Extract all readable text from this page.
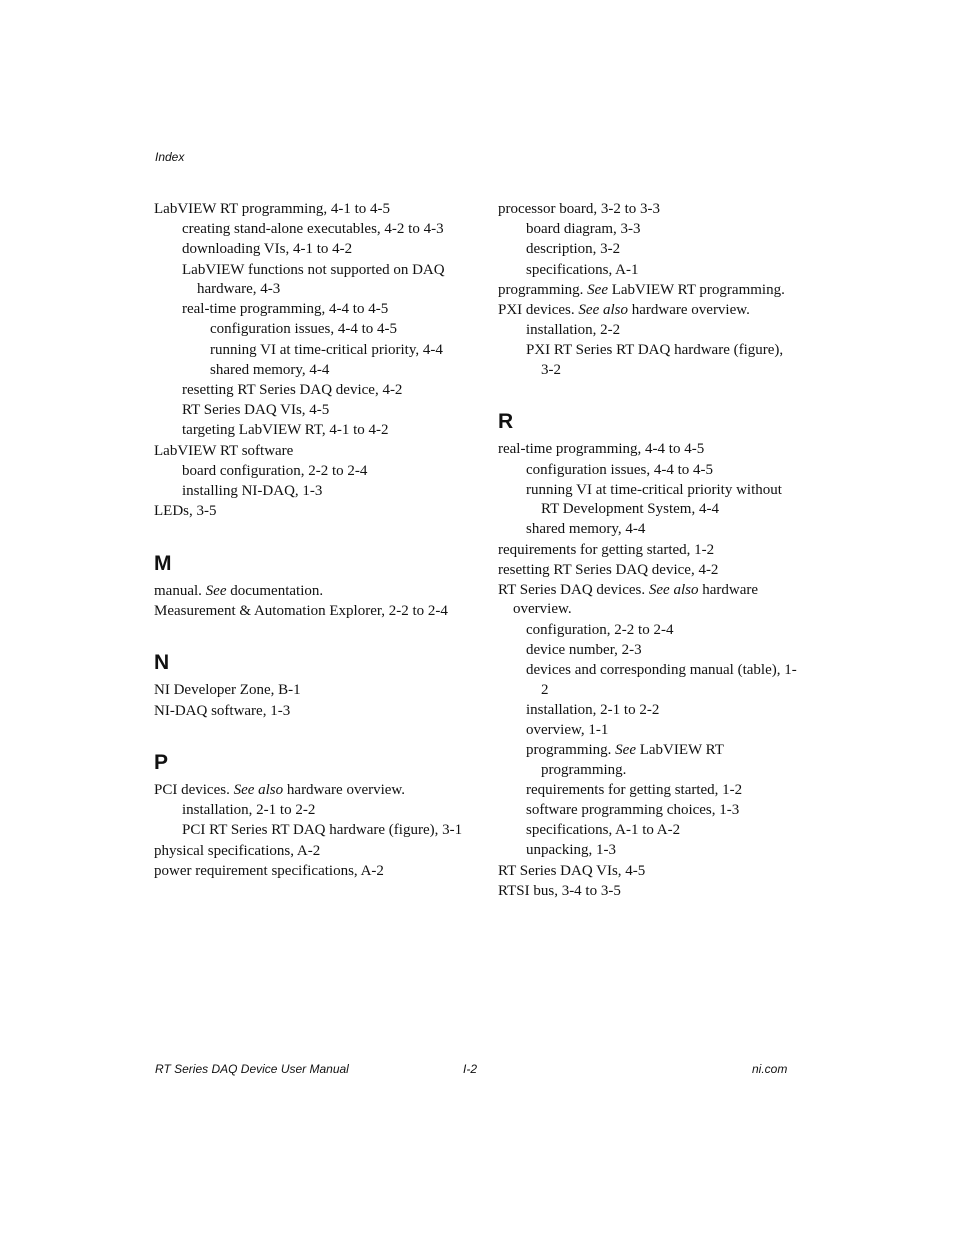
Index
LabVIEW RT programming, 4-1 to 4-5
creating stand-alone executables, 4-2 to 4-3
downloading VIs, 4-1 to 4-2
LabVIEW functions not supported on DAQ hardware, 4-3
real-time programming, 4-4 to 4-5
configuration issues, 4-4 to 4-5
running VI at time-critical priority, 4-4
shared memory, 4-4
resetting RT Series DAQ device, 4-2
RT Series DAQ VIs, 4-5
targeting LabVIEW RT, 4-1 to 4-2
LabVIEW RT software
board configuration, 2-2 to 2-4
installing NI-DAQ, 1-3
LEDs, 3-5
M
manual. See documentation.
Measurement & Automation Explorer, 2-2 to 2-4
N
NI Developer Zone, B-1
NI-DAQ software, 1-3
P
PCI devices. See also hardware overview.
installation, 2-1 to 2-2
PCI RT Series RT DAQ hardware (figure), 3-1
physical specifications, A-2
power requirement specifications, A-2
processor board, 3-2 to 3-3
board diagram, 3-3
description, 3-2
specifications, A-1
programming. See LabVIEW RT programming.
PXI devices. See also hardware overview.
installation, 2-2
PXI RT Series RT DAQ hardware (figure), 3-2
R
real-time programming, 4-4 to 4-5
configuration issues, 4-4 to 4-5
running VI at time-critical priority without RT Development System, 4-4
shared memory, 4-4
requirements for getting started, 1-2
resetting RT Series DAQ device, 4-2
RT Series DAQ devices. See also hardware overview.
configuration, 2-2 to 2-4
device number, 2-3
devices and corresponding manual (table), 1-2
installation, 2-1 to 2-2
overview, 1-1
programming. See LabVIEW RT programming.
requirements for getting started, 1-2
software programming choices, 1-3
specifications, A-1 to A-2
unpacking, 1-3
RT Series DAQ VIs, 4-5
RTSI bus, 3-4 to 3-5
RT Series DAQ Device User Manual	I-2	ni.com
